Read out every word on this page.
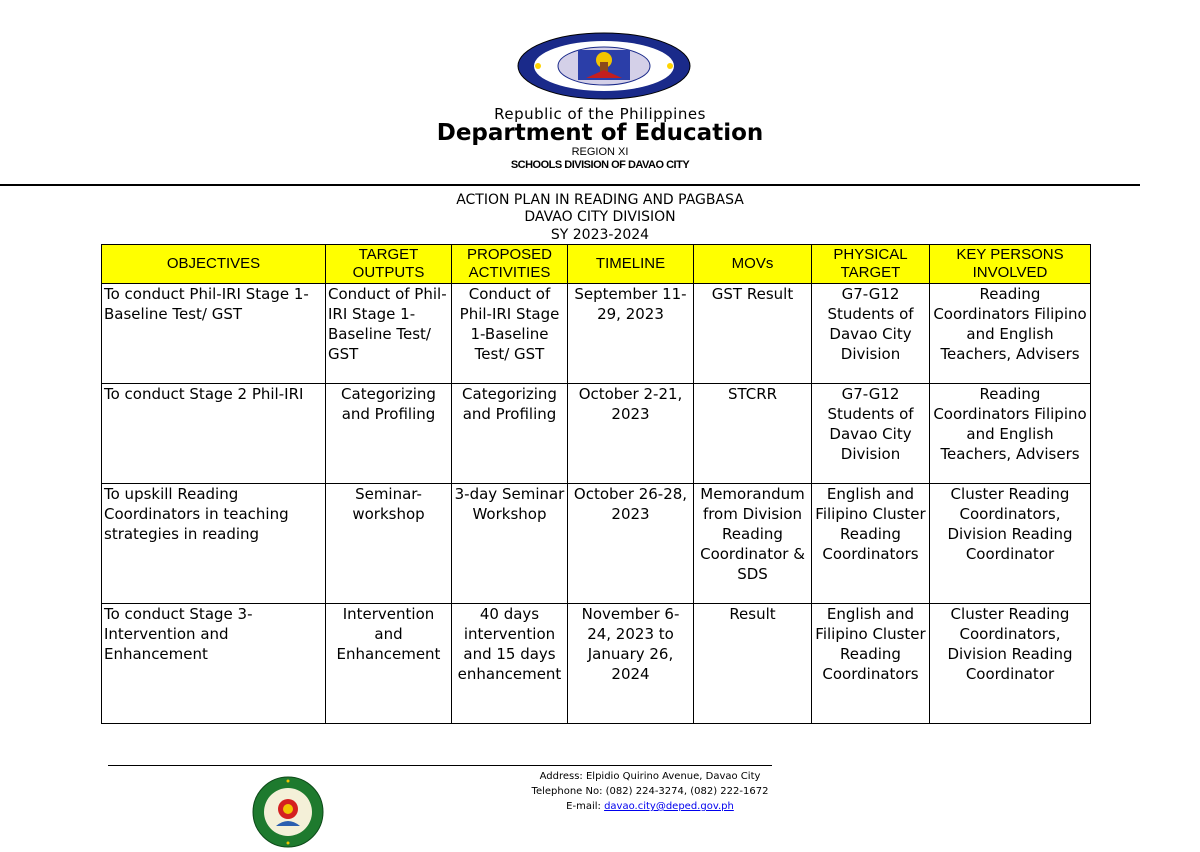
Republic of the Philippines
Department of Education
REGION XI
SCHOOLS DIVISION OF DAVAO CITY
ACTION PLAN IN READING AND PAGBASA
DAVAO CITY DIVISION
SY 2023-2024
OBJECTIVES	TARGET OUTPUTS	PROPOSED ACTIVITIES	TIMELINE	MOVs	PHYSICAL TARGET	KEY PERSONS INVOLVED
To conduct Phil-IRI Stage 1-Baseline Test/ GST	Conduct of Phil-IRI Stage 1-Baseline Test/ GST	Conduct of Phil-IRI Stage 1-Baseline Test/ GST	September 11-29, 2023	GST Result	G7-G12 Students of Davao City Division	Reading Coordinators Filipino and English Teachers, Advisers
To conduct Stage 2 Phil-IRI	Categorizing and Profiling	Categorizing and Profiling	October 2-21, 2023	STCRR	G7-G12 Students of Davao City Division	Reading Coordinators Filipino and English Teachers, Advisers
To upskill Reading Coordinators in teaching strategies in reading	Seminar-workshop	3-day Seminar Workshop	October 26-28, 2023	Memorandum from Division Reading Coordinator & SDS	English and Filipino Cluster Reading Coordinators	Cluster Reading Coordinators, Division Reading Coordinator
To conduct Stage 3-Intervention and Enhancement	Intervention and Enhancement	40 days intervention and 15 days enhancement	November 6-24, 2023 to January 26, 2024	Result	English and Filipino Cluster Reading Coordinators	Cluster Reading Coordinators, Division Reading Coordinator
Address: Elpidio Quirino Avenue, Davao City
Telephone No: (082) 224-3274, (082) 222-1672
E-mail: davao.city@deped.gov.ph
